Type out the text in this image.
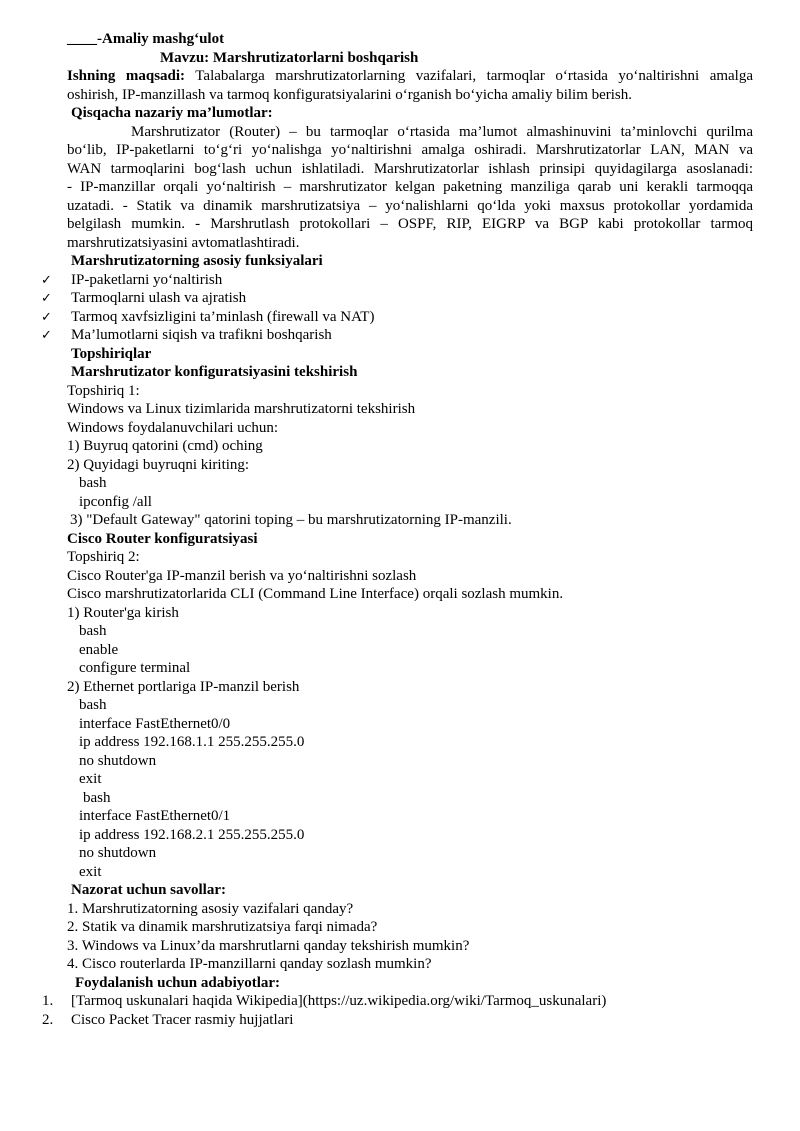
____-Amaliy mashg‘ulot
Mavzu: Marshrutizatorlarni boshqarish
Ishning maqsadi: Talabalarga marshrutizatorlarning vazifalari, tarmoqlar o‘rtasida yo‘naltirishni amalga
oshirish, IP-manzillash va tarmoq konfiguratsiyalarini o‘rganish bo‘yicha amaliy bilim berish.
Qisqacha nazariy ma’lumotlar:
Marshrutizator (Router) – bu tarmoqlar o‘rtasida ma’lumot almashinuvini ta’minlovchi qurilma
bo‘lib, IP-paketlarni to‘g‘ri yo‘nalishga yo‘naltirishni amalga oshiradi. Marshrutizatorlar LAN, MAN va
WAN tarmoqlarini bog‘lash uchun ishlatiladi. Marshrutizatorlar ishlash prinsipi quyidagilarga asoslanadi:
- IP-manzillar orqali yo‘naltirish – marshrutizator kelgan paketning manziliga qarab uni kerakli tarmoqqa
uzatadi. - Statik va dinamik marshrutizatsiya – yo‘nalishlarni qo‘lda yoki maxsus protokollar yordamida
belgilash mumkin. - Marshrutlash protokollari – OSPF, RIP, EIGRP va BGP kabi protokollar tarmoq
marshrutizatsiyasini avtomatlashtiradi.
Marshrutizatorning asosiy funksiyalari
✓ IP-paketlarni yo‘naltirish
✓ Tarmoqlarni ulash va ajratish
✓ Tarmoq xavfsizligini ta’minlash (firewall va NAT)
✓ Ma’lumotlarni siqish va trafikni boshqarish
Topshiriqlar
Marshrutizator konfiguratsiyasini tekshirish
Topshiriq 1:
Windows va Linux tizimlarida marshrutizatorni tekshirish
Windows foydalanuvchilari uchun:
1) Buyruq qatorini (cmd) oching
2) Quyidagi buyruqni kiriting:
bash
ipconfig /all
3) "Default Gateway" qatorini toping – bu marshrutizatorning IP-manzili.
Cisco Router konfiguratsiyasi
Topshiriq 2:
Cisco Router'ga IP-manzil berish va yo‘naltirishni sozlash
Cisco marshrutizatorlarida CLI (Command Line Interface) orqali sozlash mumkin.
1) Router'ga kirish
bash
enable
configure terminal
2) Ethernet portlariga IP-manzil berish
bash
interface FastEthernet0/0
ip address 192.168.1.1 255.255.255.0
no shutdown
exit
bash
interface FastEthernet0/1
ip address 192.168.2.1 255.255.255.0
no shutdown
exit
Nazorat uchun savollar:
1. Marshrutizatorning asosiy vazifalari qanday?
2. Statik va dinamik marshrutizatsiya farqi nimada?
3. Windows va Linux’da marshrutlarni qanday tekshirish mumkin?
4. Cisco routerlarda IP-manzillarni qanday sozlash mumkin?
Foydalanish uchun adabiyotlar:
1. [Tarmoq uskunalari haqida Wikipedia](https://uz.wikipedia.org/wiki/Tarmoq_uskunalari)
2. Cisco Packet Tracer rasmiy hujjatlari
